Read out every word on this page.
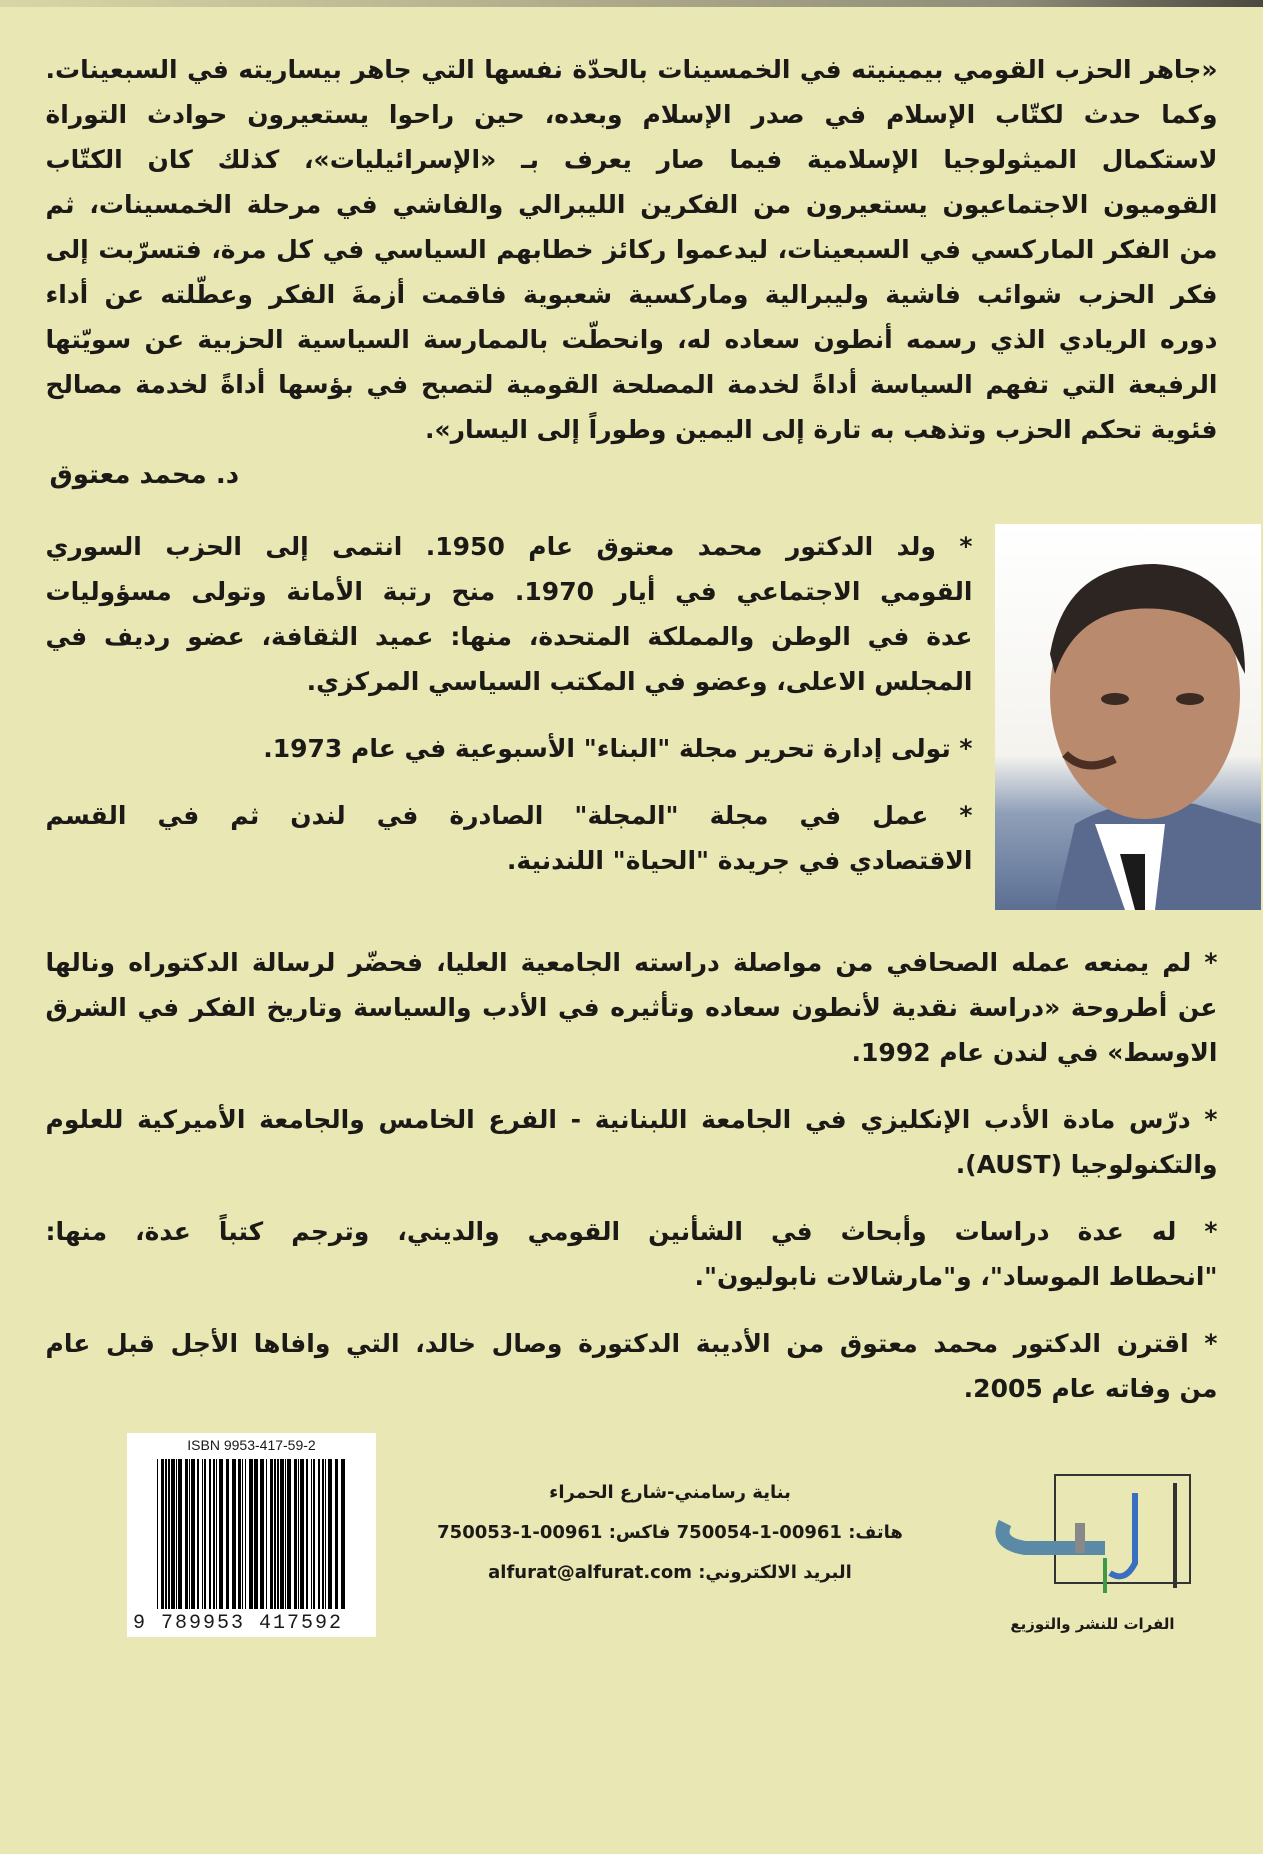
«جاهر الحزب القومي بيمينيته في الخمسينات بالحدّة نفسها التي جاهر بيساريته في السبعينات.
وكما حدث لكتّاب الإسلام في صدر الإسلام وبعده، حين راحوا يستعيرون حوادث التوراة
لاستكمال الميثولوجيا الإسلامية فيما صار يعرف بـ «الإسرائيليات»، كذلك كان الكتّاب
القوميون الاجتماعيون يستعيرون من الفكرين الليبرالي والفاشي في مرحلة الخمسينات، ثم
من الفكر الماركسي في السبعينات، ليدعموا ركائز خطابهم السياسي في كل مرة، فتسرّبت إلى
فكر الحزب شوائب فاشية وليبرالية وماركسية شعبوية فاقمت أزمةَ الفكر وعطّلته عن أداء
دوره الريادي الذي رسمه أنطون سعاده له، وانحطّت بالممارسة السياسية الحزبية عن سويّتها
الرفيعة التي تفهم السياسة أداةً لخدمة المصلحة القومية لتصبح في بؤسها أداةً لخدمة مصالح
فئوية تحكم الحزب وتذهب به تارة إلى اليمين وطوراً إلى اليسار».
د. محمد معتوق
* ولد الدكتور محمد معتوق عام 1950. انتمى إلى الحزب السوري
القومي الاجتماعي في أيار 1970. منح رتبة الأمانة وتولى مسؤوليات
عدة في الوطن والمملكة المتحدة، منها: عميد الثقافة، عضو رديف في
المجلس الاعلى، وعضو في المكتب السياسي المركزي.
* تولى إدارة تحرير مجلة "البناء" الأسبوعية في عام 1973.
* عمل في مجلة "المجلة" الصادرة في لندن ثم في القسم
الاقتصادي في جريدة "الحياة" اللندنية.
* لم يمنعه عمله الصحافي من مواصلة دراسته الجامعية العليا، فحضّر لرسالة الدكتوراه ونالها
عن أطروحة «دراسة نقدية لأنطون سعاده وتأثيره في الأدب والسياسة وتاريخ الفكر في الشرق
الاوسط» في لندن عام 1992.
* درّس مادة الأدب الإنكليزي في الجامعة اللبنانية - الفرع الخامس والجامعة الأميركية للعلوم
والتكنولوجيا (AUST).
* له عدة دراسات وأبحاث في الشأنين القومي والديني، وترجم كتباً عدة، منها:
"انحطاط الموساد"، و"مارشالات نابوليون".
* اقترن الدكتور محمد معتوق من الأديبة الدكتورة وصال خالد، التي وافاها الأجل قبل عام
من وفاته عام 2005.
ISBN 9953-417-59-2
9 789953 417592
بناية رسامني-شارع الحمراء
هاتف: 00961-1-750054 فاكس: 00961-1-750053
البريد الالكتروني: alfurat@alfurat.com
الفرات للنشر والتوزيع
